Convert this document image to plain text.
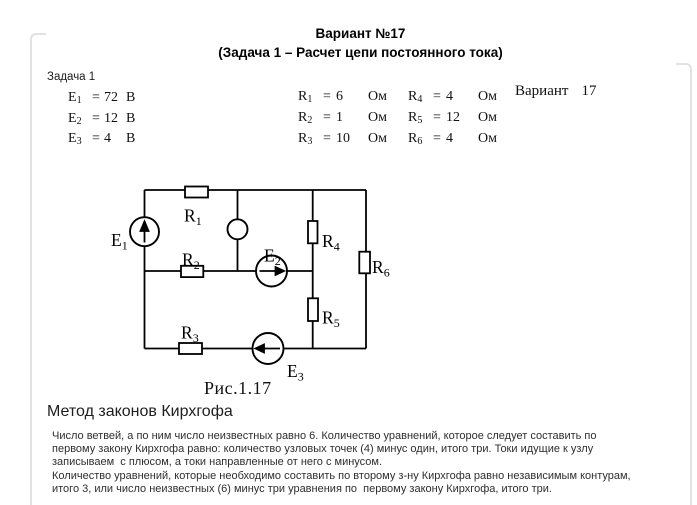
Вариант №17
(Задача 1 – Расчет цепи постоянного тока)
Задача 1
$E_1 = 72$ В
$E_2 = 12$ В
$E_3 = 4$	В
$R_1 = 6$	Ом
$R_2 = 1$	Ом
$R_3 = 10$	Ом
$R_4 = 4$	Ом
$R_5 = 12$	Ом
$R_6 = 4$	Ом
Вариант 17
$E_1$
$R_1$
$R_2$	$E_2$
$R_4$
$R_6$
$R_5$
$R_3$
$E_3$
Рис.1.17
Метод законов Кирхгофа
Число ветвей, а по ним число неизвестных равно 6. Количество уравнений, которое следует составить по
первому закону Кирхгофа равно: количество узловых точек (4) минус один, итого три. Токи идущие к узлу
записываем  с плюсом, а токи направленные от него с минусом.
Количество уравнений, которые необходимо составить по второму з-ну Кирхгофа равно независимым контурам,
итого 3, или число неизвестных (6) минус три уравнения по  первому закону Кирхгофа, итого три.
